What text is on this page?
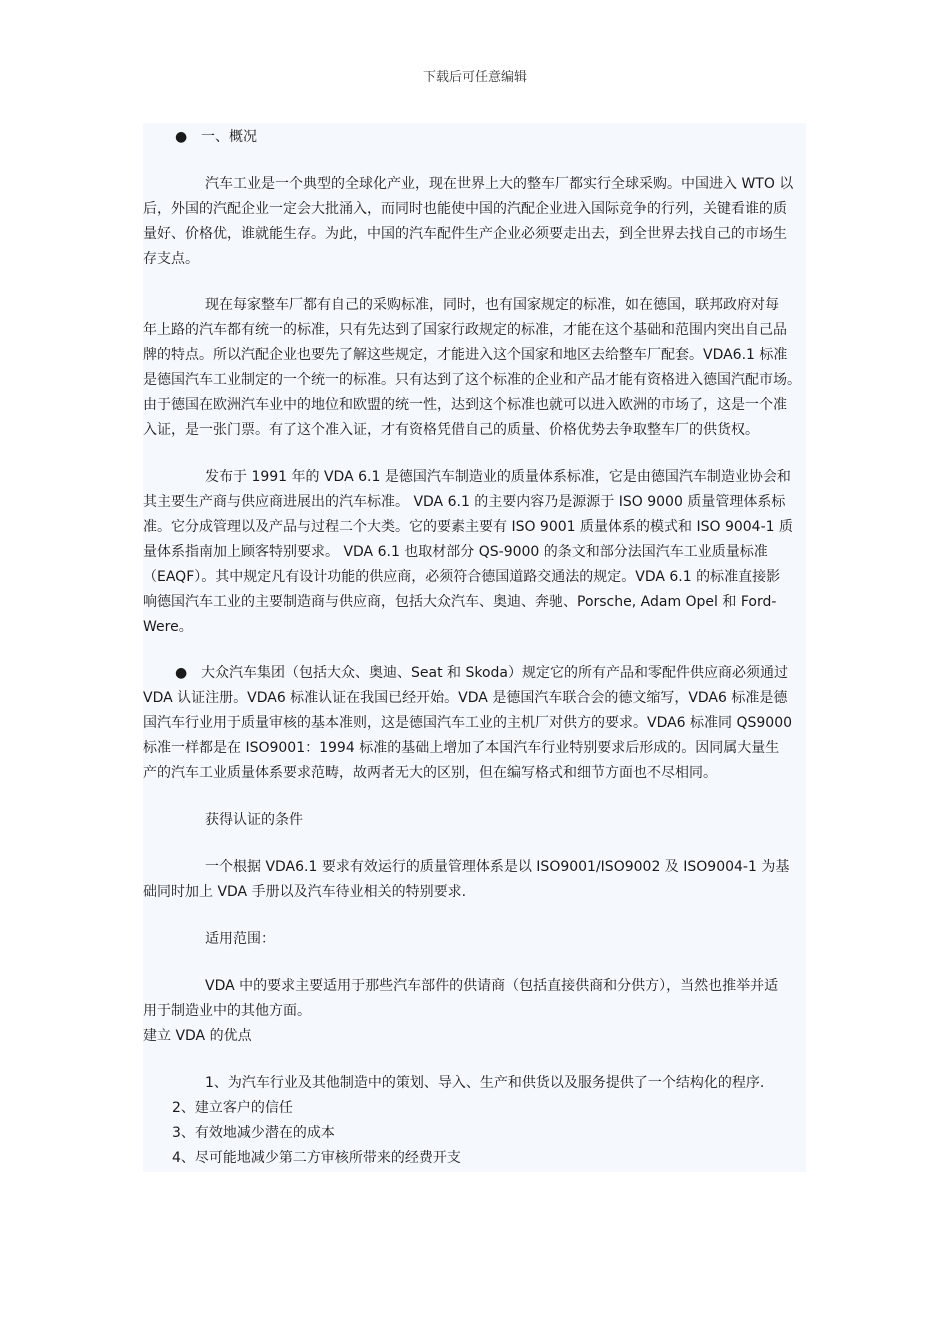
下载后可任意编辑
● 一、概况
汽车工业是一个典型的全球化产业，现在世界上大的整车厂都实行全球采购。中国进入 WTO 以
后，外国的汽配企业一定会大批涌入，而同时也能使中国的汽配企业进入国际竞争的行列，关键看谁的质
量好、价格优，谁就能生存。为此，中国的汽车配件生产企业必须要走出去，到全世界去找自己的市场生
存支点。
现在每家整车厂都有自己的采购标准，同时，也有国家规定的标准，如在德国，联邦政府对每
年上路的汽车都有统一的标准，只有先达到了国家行政规定的标准，才能在这个基础和范围内突出自己品
牌的特点。所以汽配企业也要先了解这些规定，才能进入这个国家和地区去给整车厂配套。VDA6.1 标准
是德国汽车工业制定的一个统一的标准。只有达到了这个标准的企业和产品才能有资格进入德国汽配市场。
由于德国在欧洲汽车业中的地位和欧盟的统一性，达到这个标准也就可以进入欧洲的市场了，这是一个准
入证，是一张门票。有了这个准入证，才有资格凭借自己的质量、价格优势去争取整车厂的供货权。
发布于 1991 年的 VDA 6.1 是德国汽车制造业的质量体系标准，它是由德国汽车制造业协会和
其主要生产商与供应商进展出的汽车标准。 VDA 6.1 的主要内容乃是源源于 ISO 9000 质量管理体系标
准。它分成管理以及产品与过程二个大类。它的要素主要有 ISO 9001 质量体系的模式和 ISO 9004-1 质
量体系指南加上顾客特别要求。 VDA 6.1 也取材部分 QS-9000 的条文和部分法国汽车工业质量标准
（EAQF）。其中规定凡有设计功能的供应商，必须符合德国道路交通法的规定。VDA 6.1 的标准直接影
响德国汽车工业的主要制造商与供应商，包括大众汽车、奥迪、奔驰、Porsche, Adam Opel 和 Ford-
Were。
● 大众汽车集团（包括大众、奥迪、Seat 和 Skoda）规定它的所有产品和零配件供应商必须通过
VDA 认证注册。VDA6 标准认证在我国已经开始。VDA 是德国汽车联合会的德文缩写，VDA6 标准是德
国汽车行业用于质量审核的基本准则，这是德国汽车工业的主机厂对供方的要求。VDA6 标准同 QS9000
标准一样都是在 ISO9001：1994 标准的基础上增加了本国汽车行业特别要求后形成的。因同属大量生
产的汽车工业质量体系要求范畴，故两者无大的区别，但在编写格式和细节方面也不尽相同。
获得认证的条件
一个根据 VDA6.1 要求有效运行的质量管理体系是以 ISO9001/ISO9002 及 ISO9004-1 为基
础同时加上 VDA 手册以及汽车待业相关的特别要求.
适用范围：
VDA 中的要求主要适用于那些汽车部件的供请商（包括直接供商和分供方），当然也推举并适
用于制造业中的其他方面。
建立 VDA 的优点
1、为汽车行业及其他制造中的策划、导入、生产和供货以及服务提供了一个结构化的程序.
2、建立客户的信任
3、有效地减少潜在的成本
4、尽可能地减少第二方审核所带来的经费开支
